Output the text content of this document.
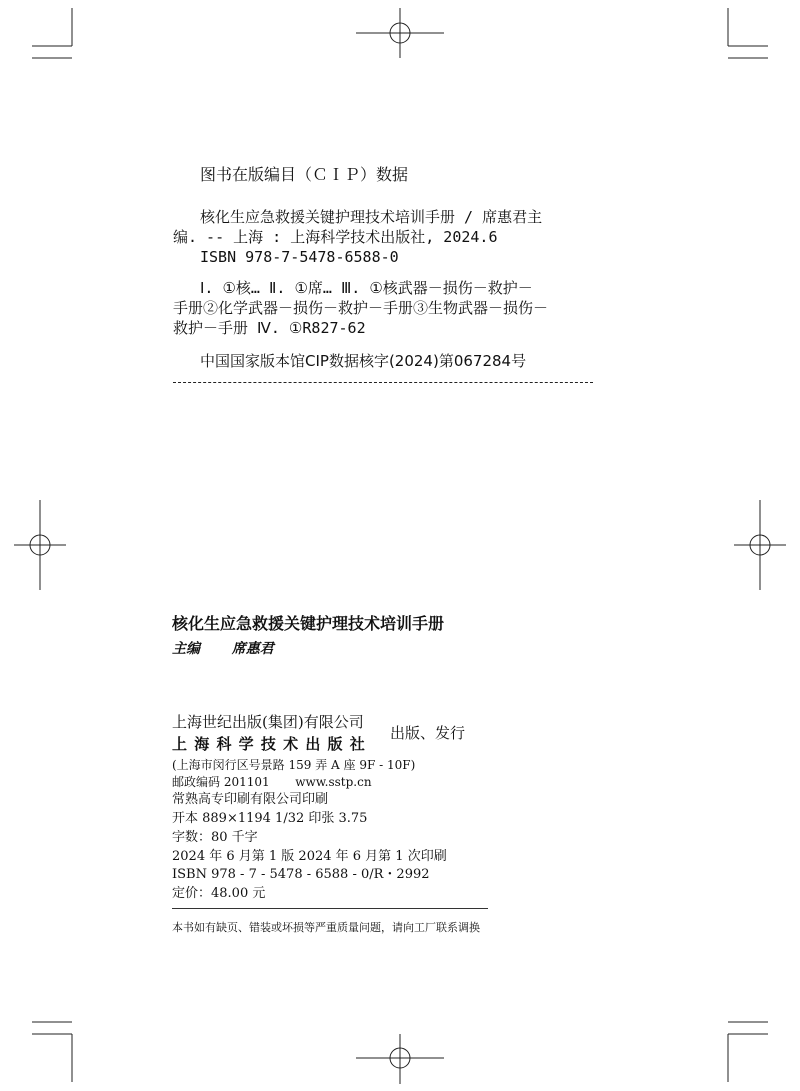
图书在版编目（ＣＩＰ）数据
核化生应急救援关键护理技术培训手册 / 席惠君主
编. -- 上海 : 上海科学技术出版社, 2024.6
ISBN 978-7-5478-6588-0
Ⅰ. ①核… Ⅱ. ①席… Ⅲ. ①核武器－损伤－救护－
手册②化学武器－损伤－救护－手册③生物武器－损伤－
救护－手册 Ⅳ. ①R827-62
中国国家版本馆CIP数据核字(2024)第067284号
核化生应急救援关键护理技术培训手册
主编 席惠君
上海世纪出版(集团)有限公司
上 海 科 学 技 术 出 版 社
出版、发行
(上海市闵行区号景路 159 弄 A 座 9F - 10F)
邮政编码 201101 www.sstp.cn
常熟高专印刷有限公司印刷
开本 889×1194 1/32 印张 3.75
字数：80 千字
2024 年 6 月第 1 版 2024 年 6 月第 1 次印刷
ISBN 978 - 7 - 5478 - 6588 - 0/R・2992
定价：48.00 元
本书如有缺页、错装或坏损等严重质量问题，请向工厂联系调换
